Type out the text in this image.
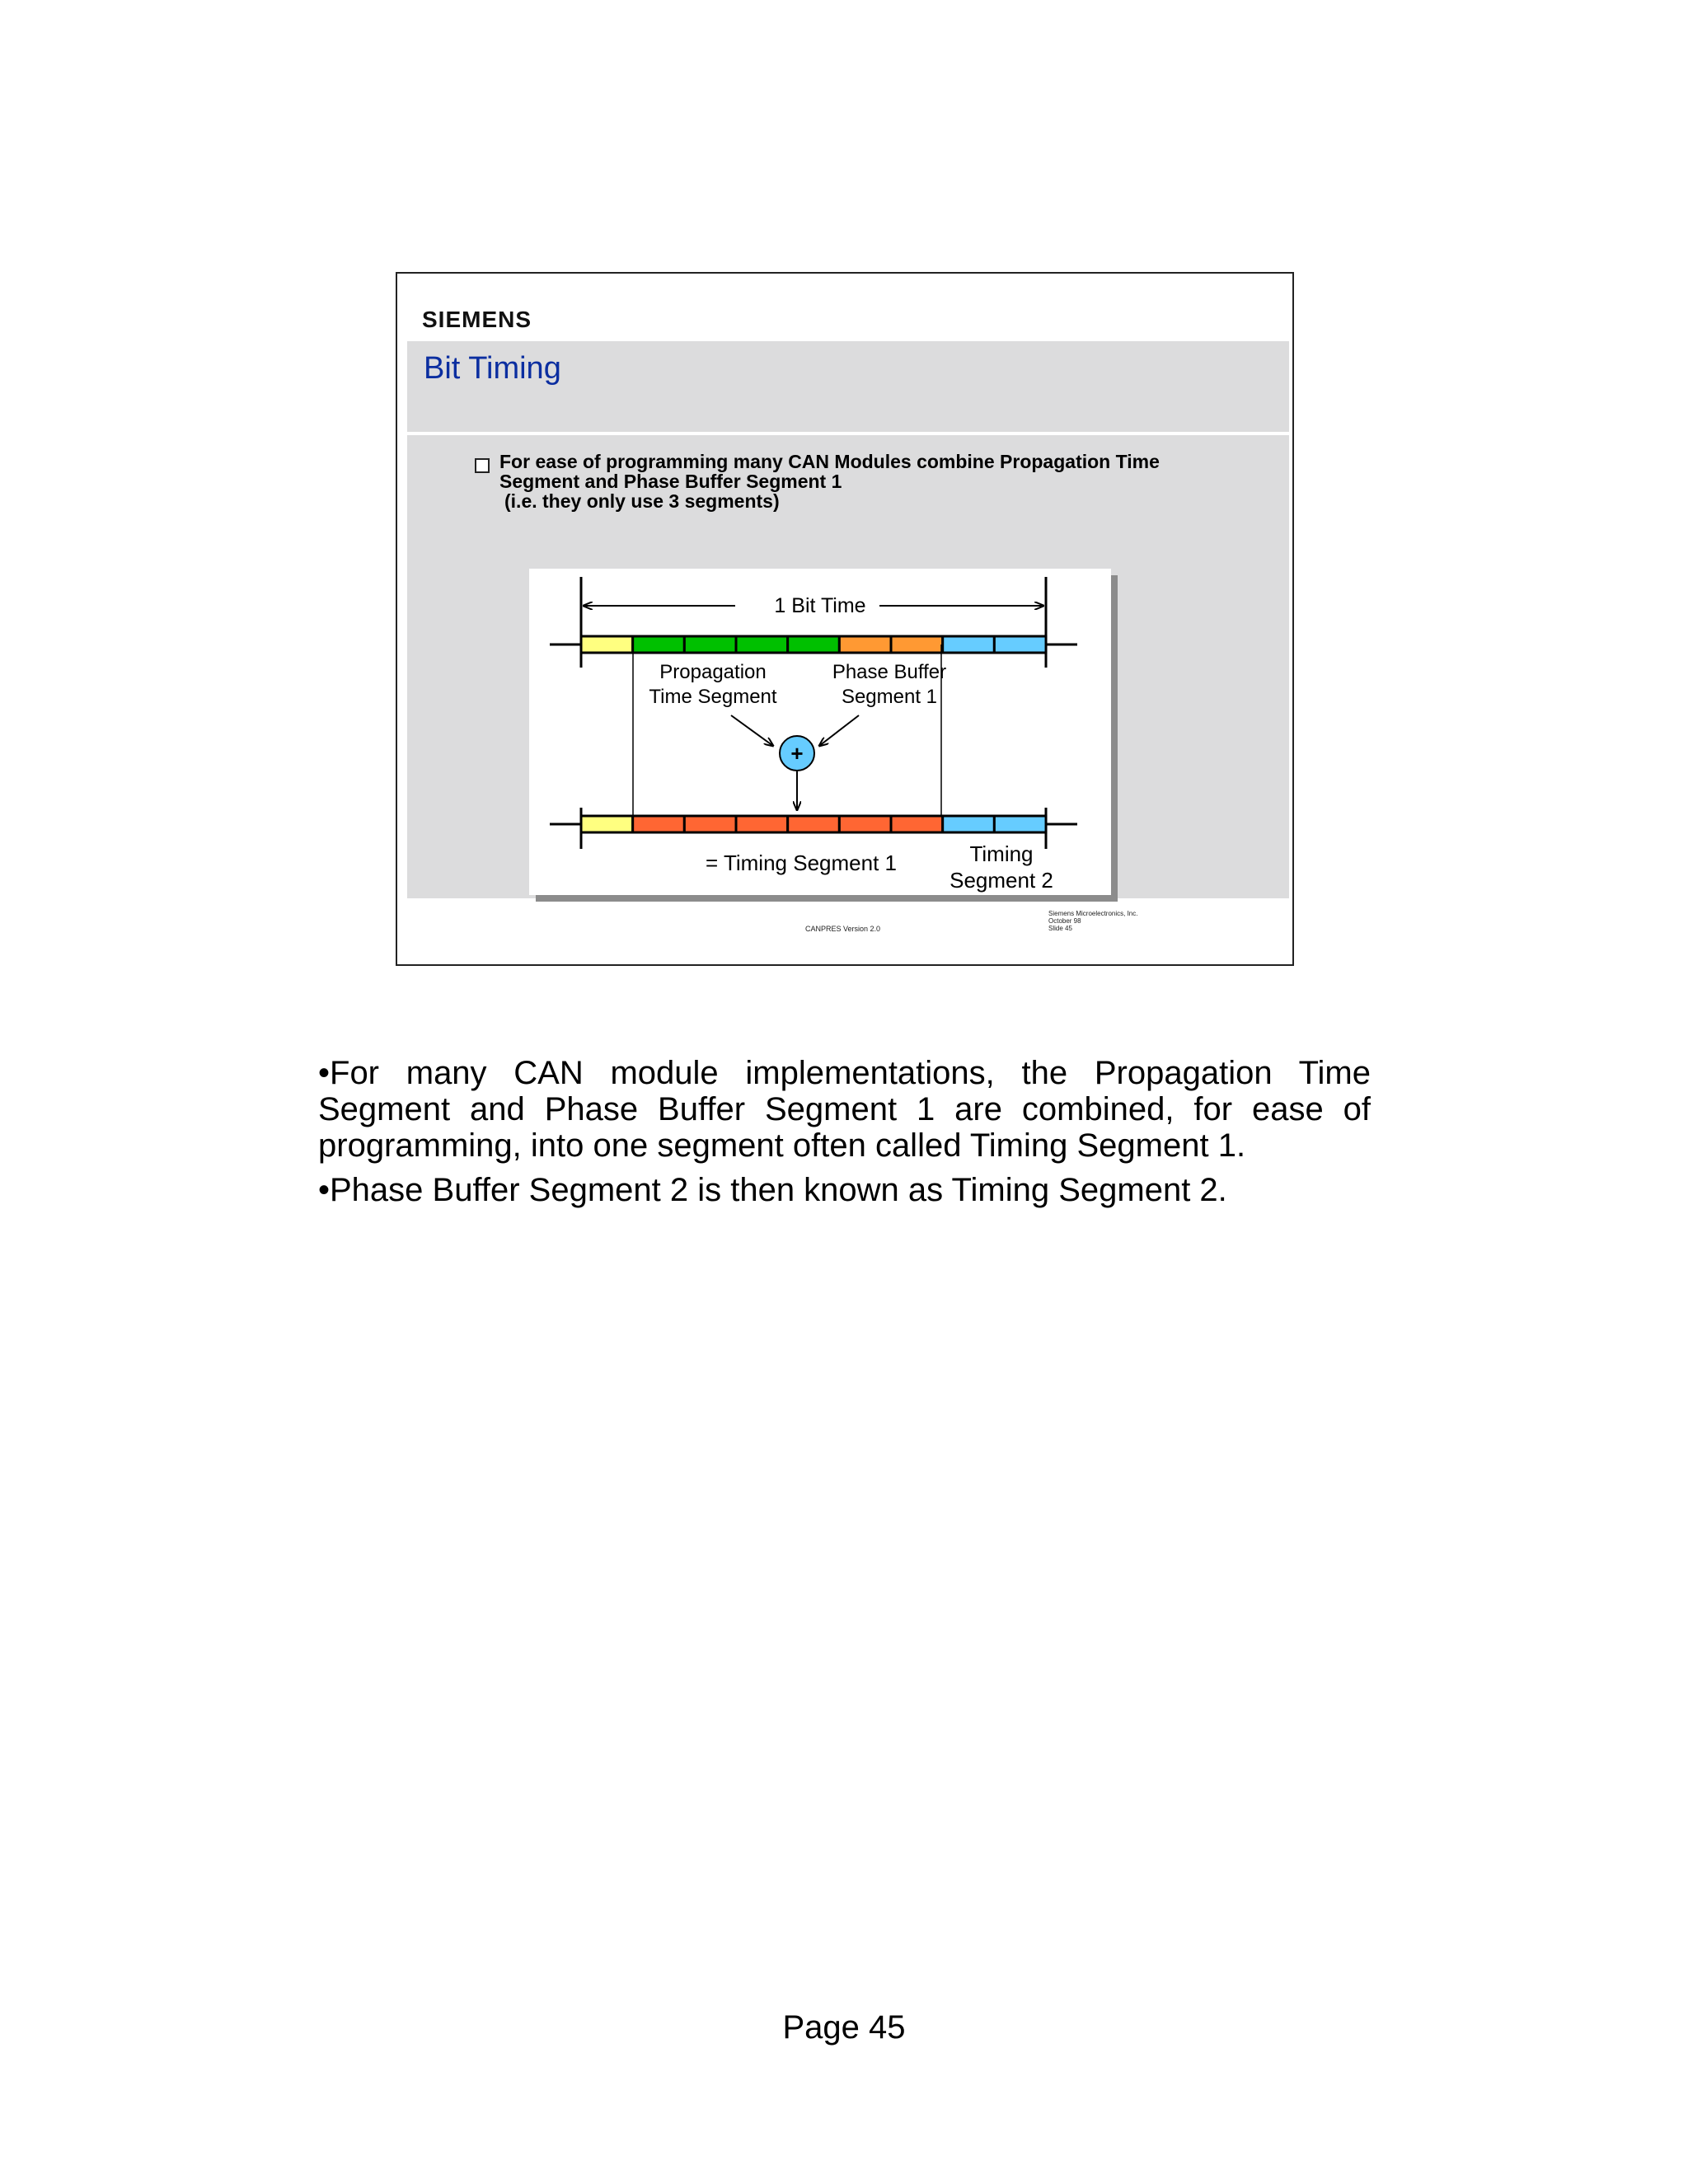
SIEMENS
Bit Timing
For ease of programming many CAN Modules combine Propagation Time
Segment and Phase Buffer Segment 1
(i.e. they only use 3 segments)
1 Bit Time
Propagation
Time Segment
Phase Buffer
Segment 1
+
= Timing Segment 1	Timing
Segment 2
CANPRES Version 2.0
Siemens Microelectronics, Inc.
October 98
Slide 45
•For many CAN module implementations, the Propagation Time Segment and Phase Buffer Segment 1 are combined, for ease of programming, into one segment often called Timing Segment 1.
•Phase Buffer Segment 2 is then known as Timing Segment 2.
Page 45
